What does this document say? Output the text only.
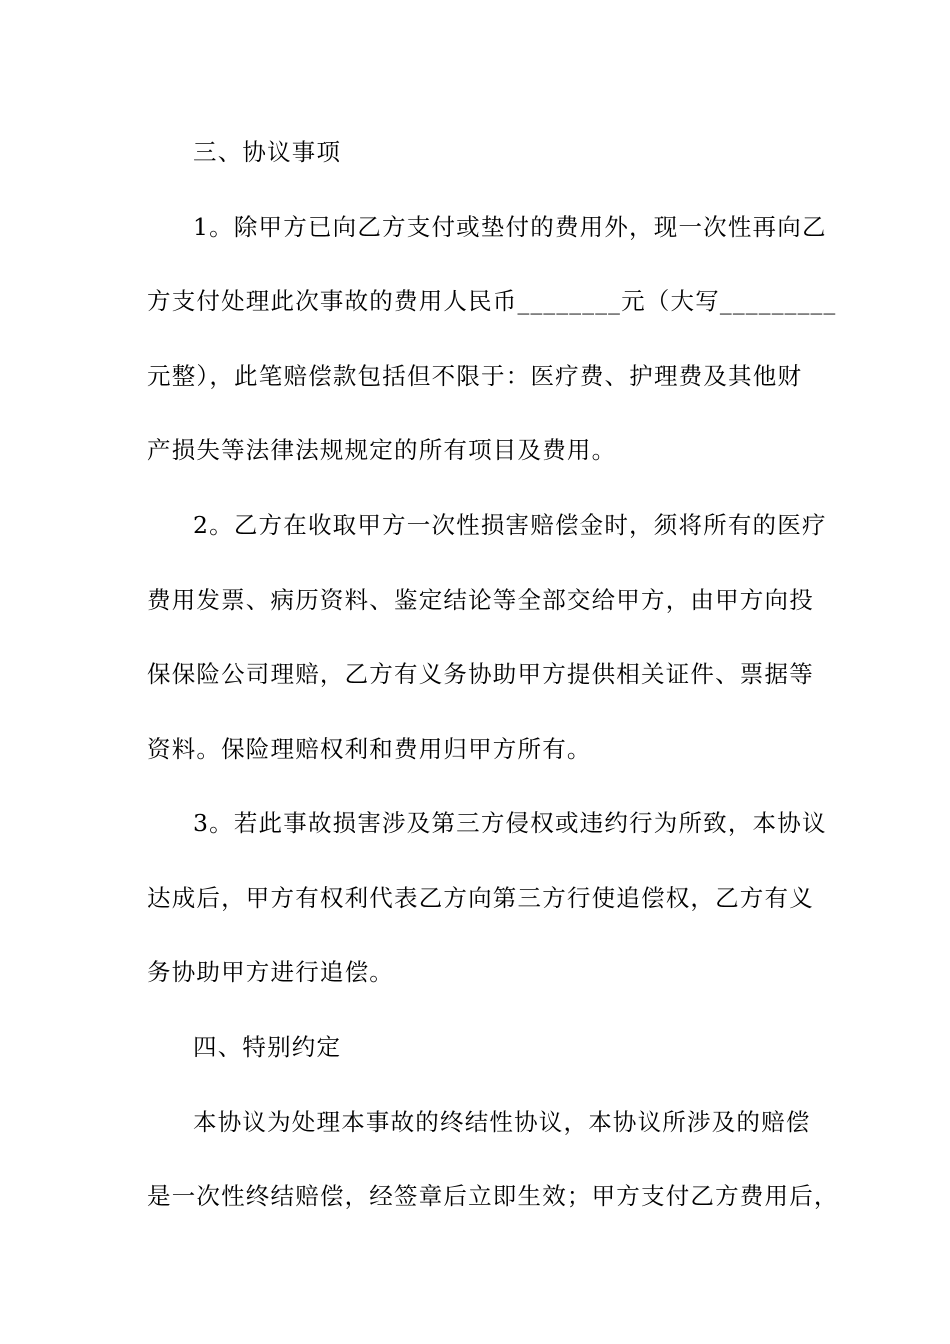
三、协议事项
1。除甲方已向乙方支付或垫付的费用外，现一次性再向乙
方支付处理此次事故的费用人民币________元（大写_________
元整），此笔赔偿款包括但不限于：医疗费、护理费及其他财
产损失等法律法规规定的所有项目及费用。
2。乙方在收取甲方一次性损害赔偿金时，须将所有的医疗
费用发票、病历资料、鉴定结论等全部交给甲方，由甲方向投
保保险公司理赔，乙方有义务协助甲方提供相关证件、票据等
资料。保险理赔权利和费用归甲方所有。
3。若此事故损害涉及第三方侵权或违约行为所致，本协议
达成后，甲方有权利代表乙方向第三方行使追偿权，乙方有义
务协助甲方进行追偿。
四、特别约定
本协议为处理本事故的终结性协议，本协议所涉及的赔偿
是一次性终结赔偿，经签章后立即生效；甲方支付乙方费用后，
